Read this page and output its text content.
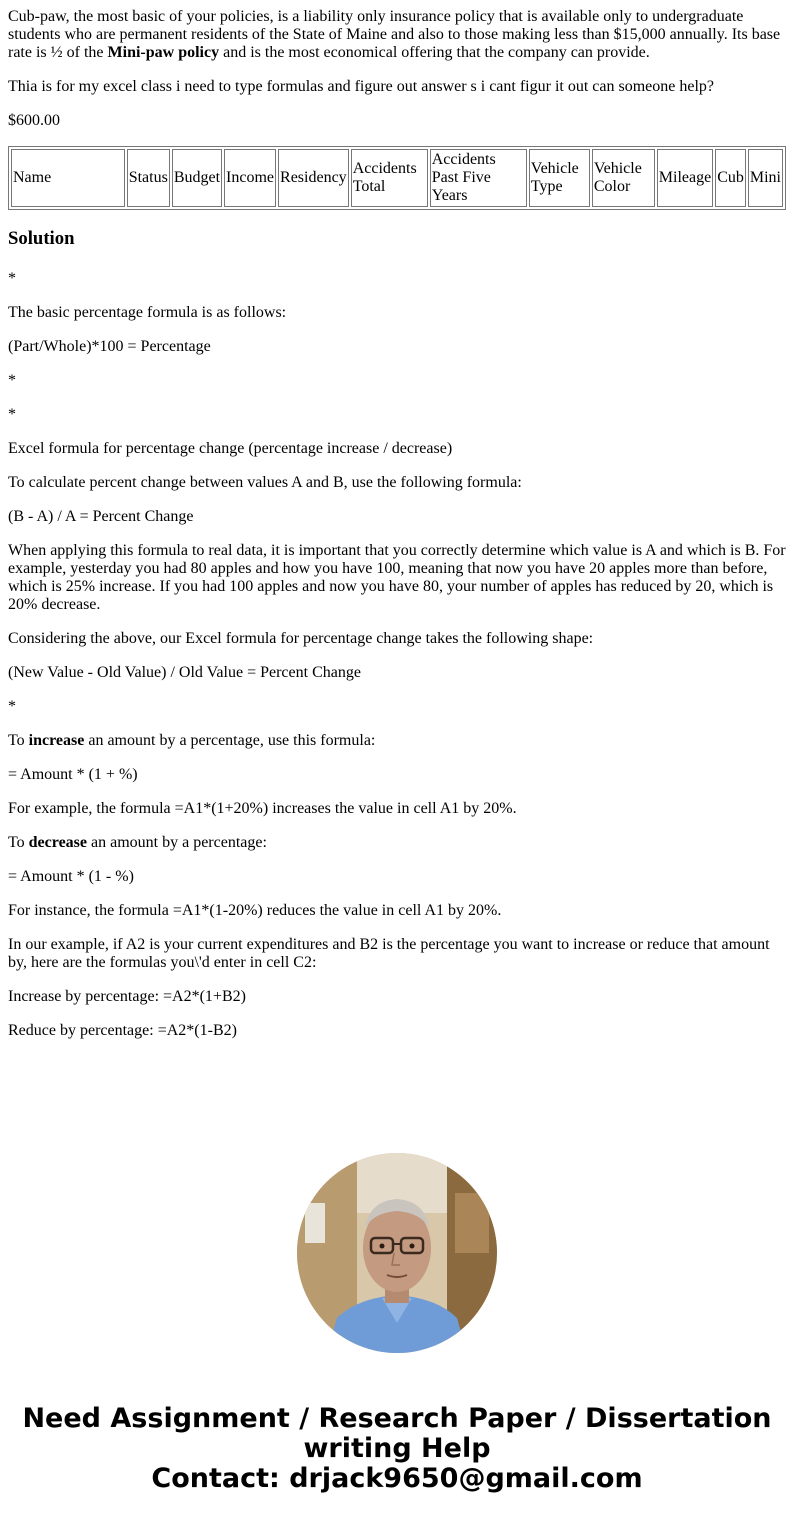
Cub-paw, the most basic of your policies, is a liability only insurance policy that is available only to undergraduate students who are permanent residents of the State of Maine and also to those making less than $15,000 annually. Its base rate is ½ of the Mini-paw policy and is the most economical offering that the company can provide.

Thia is for my excel class i need to type formulas and figure out answer s i cant figur it out can someone help?

$600.00

Name	Status	Budget	Income	Residency	Accidents Total	Accidents Past Five Years	Vehicle Type	Vehicle Color	Mileage	Cub	Mini
Solution

*

The basic percentage formula is as follows:

(Part/Whole)*100 = Percentage

*

*

Excel formula for percentage change (percentage increase / decrease)

To calculate percent change between values A and B, use the following formula:

(B - A) / A = Percent Change

When applying this formula to real data, it is important that you correctly determine which value is A and which is B. For example, yesterday you had 80 apples and how you have 100, meaning that now you have 20 apples more than before, which is 25% increase. If you had 100 apples and now you have 80, your number of apples has reduced by 20, which is 20% decrease.

Considering the above, our Excel formula for percentage change takes the following shape:

(New Value - Old Value) / Old Value = Percent Change

*

To increase an amount by a percentage, use this formula:

= Amount * (1 + %)

For example, the formula =A1*(1+20%) increases the value in cell A1 by 20%.

To decrease an amount by a percentage:

= Amount * (1 - %)

For instance, the formula =A1*(1-20%) reduces the value in cell A1 by 20%.

In our example, if A2 is your current expenditures and B2 is the percentage you want to increase or reduce that amount by, here are the formulas you\'d enter in cell C2:

Increase by percentage: =A2*(1+B2)

Reduce by percentage: =A2*(1-B2)

Need Assignment / Research Paper / Dissertation
writing Help
Contact: drjack9650@gmail.com
